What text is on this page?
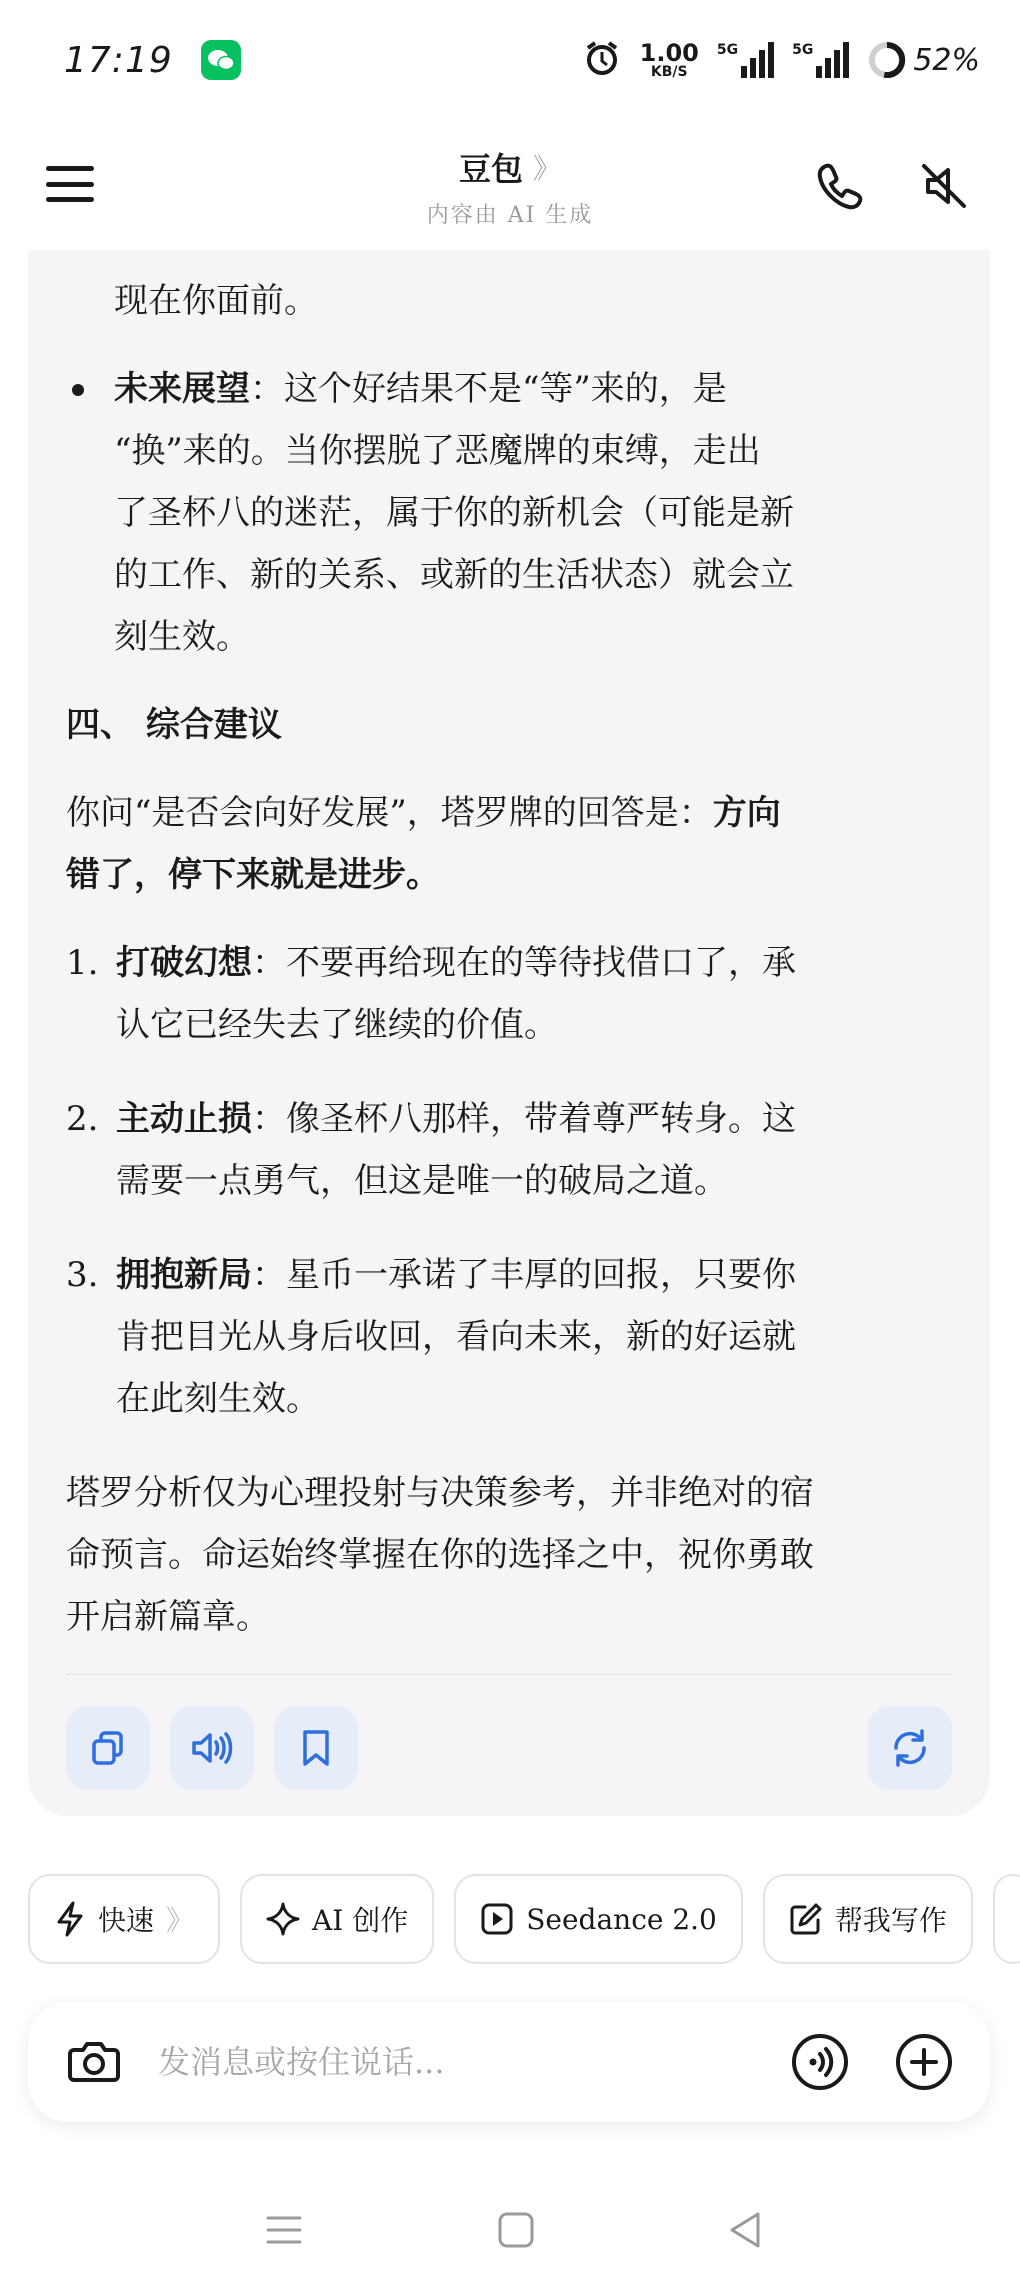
17:19	1.00
KB/S
5G	5G	52%
豆包 》
内容由 AI 生成

现在你面前。

未来展望：这个好结果不是“等”来的，是

“换”来的。当你摆脱了恶魔牌的束缚，走出

了圣杯八的迷茫，属于你的新机会（可能是新

的工作、新的关系、或新的生活状态）就会立

刻生效。

四、 综合建议

你问“是否会向好发展”，塔罗牌的回答是：方向

错了，停下来就是进步。

1. 打破幻想：不要再给现在的等待找借口了，承

认它已经失去了继续的价值。

2. 主动止损：像圣杯八那样，带着尊严转身。这

需要一点勇气，但这是唯一的破局之道。

3. 拥抱新局：星币一承诺了丰厚的回报，只要你

肯把目光从身后收回，看向未来，新的好运就

在此刻生效。

塔罗分析仅为心理投射与决策参考，并非绝对的宿

命预言。命运始终掌握在你的选择之中，祝你勇敢

开启新篇章。

快速 》	AI 创作	Seedance 2.0	帮我写作
发消息或按住说话...
